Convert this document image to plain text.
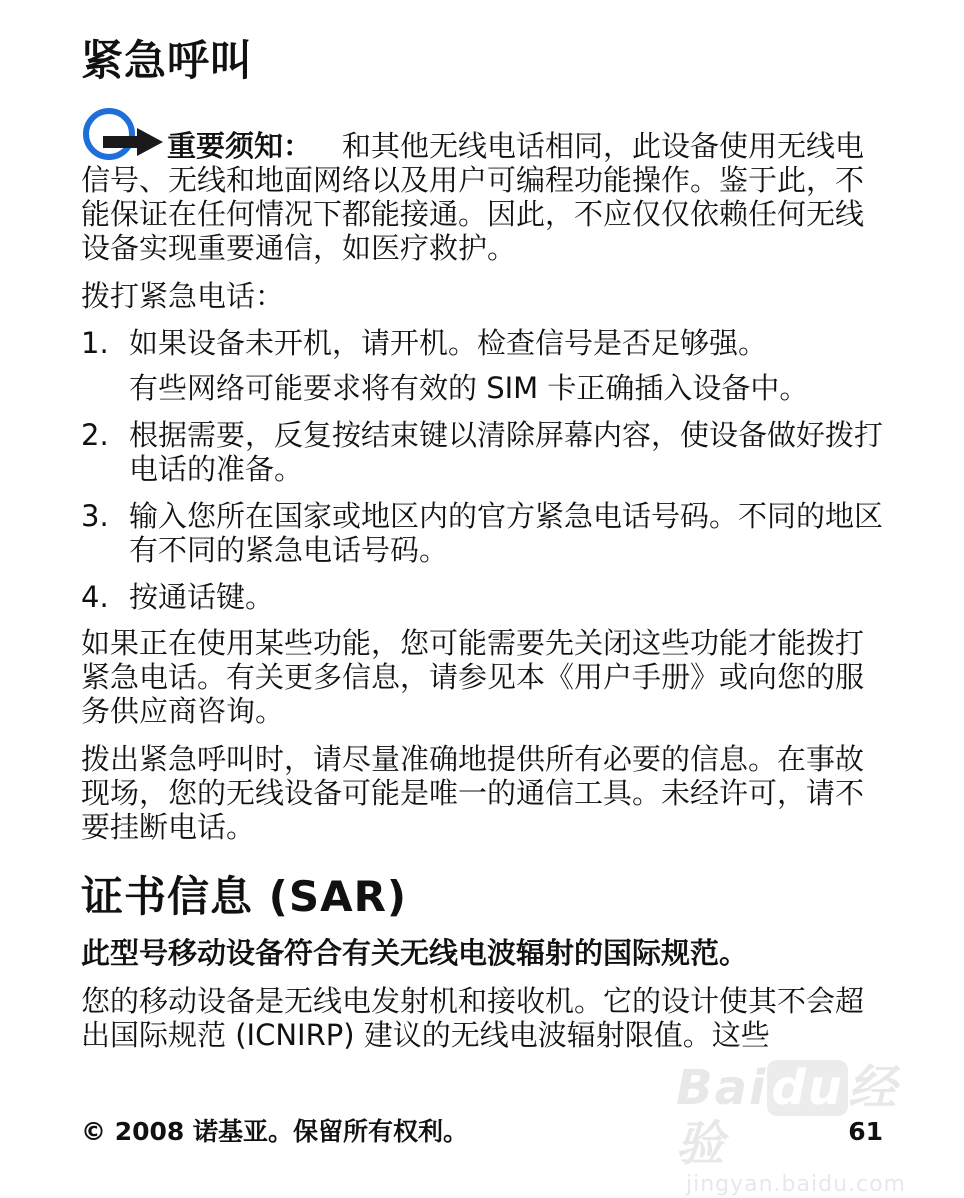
紧急呼叫

重要须知： 和其他无线电话相同，此设备使用无线电信号、无线和地面网络以及用户可编程功能操作。鉴于此，不能保证在任何情况下都能接通。因此，不应仅仅依赖任何无线设备实现重要通信，如医疗救护。

拨打紧急电话：

1. 如果设备未开机，请开机。检查信号是否足够强。
有些网络可能要求将有效的 SIM 卡正确插入设备中。
2. 根据需要，反复按结束键以清除屏幕内容，使设备做好拨打电话的准备。
3. 输入您所在国家或地区内的官方紧急电话号码。不同的地区有不同的紧急电话号码。
4. 按通话键。

如果正在使用某些功能，您可能需要先关闭这些功能才能拨打紧急电话。有关更多信息，请参见本《用户手册》或向您的服务供应商咨询。

拨出紧急呼叫时，请尽量准确地提供所有必要的信息。在事故现场，您的无线设备可能是唯一的通信工具。未经许可，请不要挂断电话。

证书信息 (SAR)

此型号移动设备符合有关无线电波辐射的国际规范。

您的移动设备是无线电发射机和接收机。它的设计使其不会超出国际规范 (ICNIRP) 建议的无线电波辐射限值。这些

Baidu经验
jingyan.baidu.com
© 2008 诺基亚。保留所有权利。	61
